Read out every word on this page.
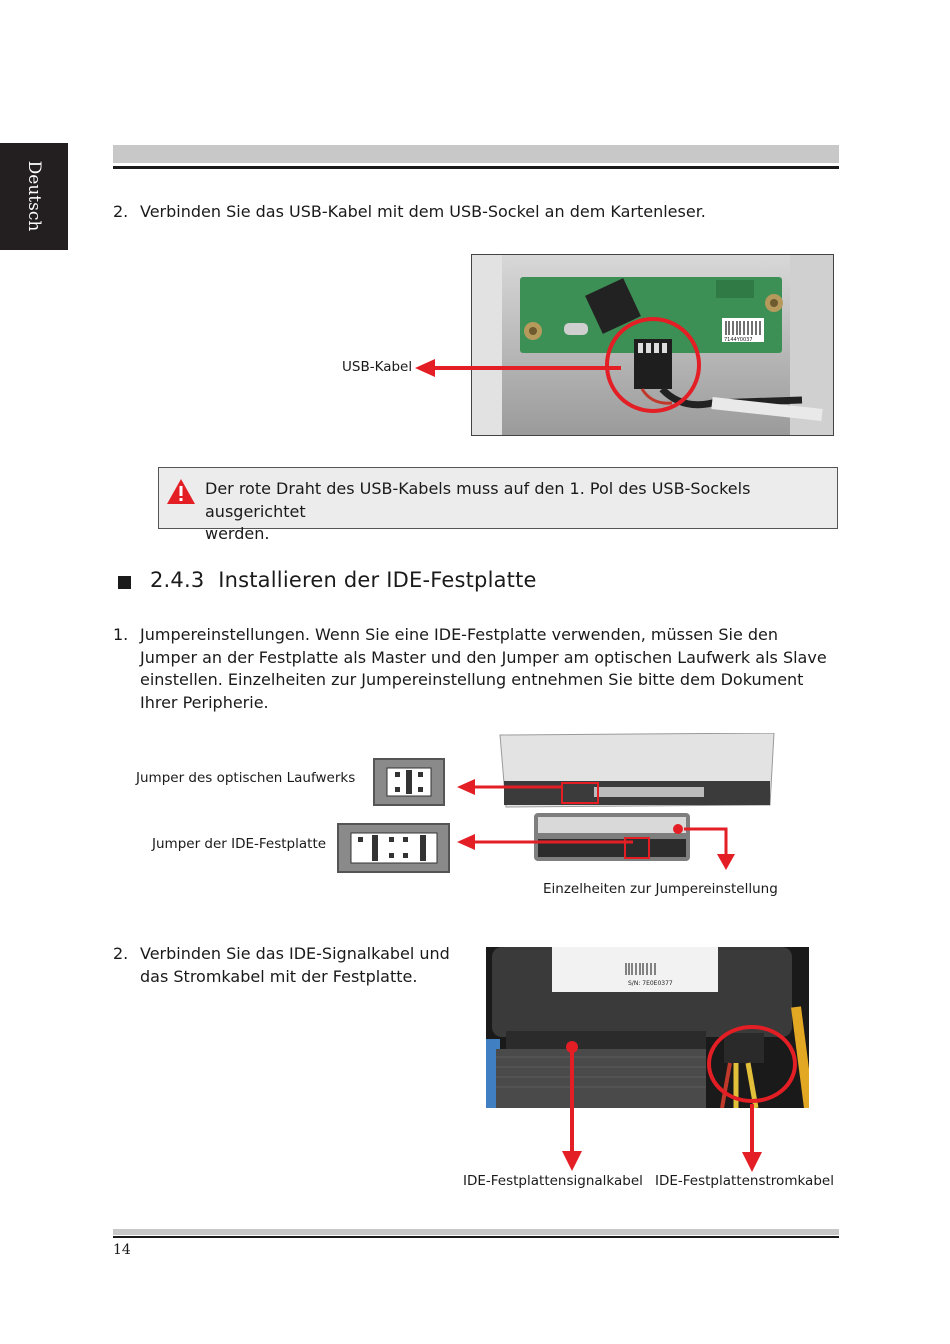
Deutsch	2. Verbinden Sie das USB-Kabel mit dem USB-Sockel an dem Kartenleser.
7144Y0037
USB-Kabel
Der rote Draht des USB-Kabels muss auf den 1. Pol des USB-Sockels ausgerichtet
werden.
2.4.3 Installieren der IDE-Festplatte
1. Jumpereinstellungen. Wenn Sie eine IDE-Festplatte verwenden, müssen Sie den
Jumper an der Festplatte als Master und den Jumper am optischen Laufwerk als Slave
einstellen. Einzelheiten zur Jumpereinstellung entnehmen Sie bitte dem Dokument
Ihrer Peripherie.
Jumper des optischen Laufwerks
Jumper der IDE-Festplatte
Einzelheiten zur Jumpereinstellung
2. Verbinden Sie das IDE-Signalkabel und
das Stromkabel mit der Festplatte.	S/N: 7E0E0377
IDE-Festplattensignalkabel IDE-Festplattenstromkabel
14
